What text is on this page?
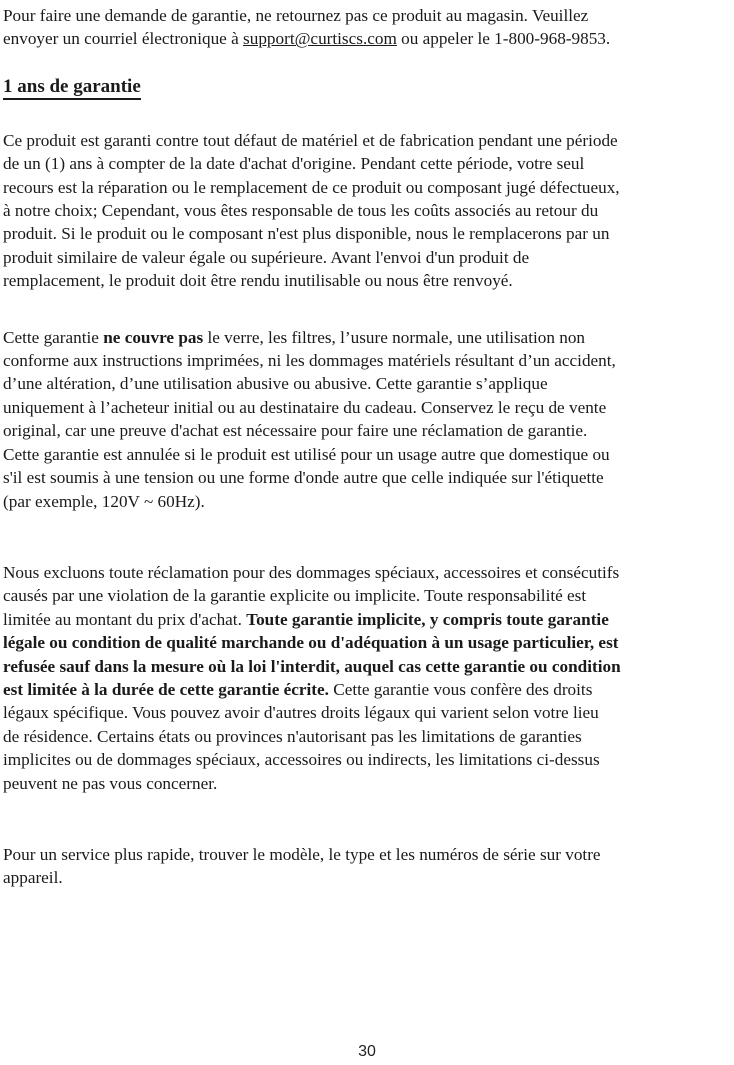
Pour faire une demande de garantie, ne retournez pas ce produit au magasin. Veuillez
envoyer un courriel électronique à support@curtiscs.com ou appeler le 1-800-968-9853.

1 ans de garantie

Ce produit est garanti contre tout défaut de matériel et de fabrication pendant une période
de un (1) ans à compter de la date d'achat d'origine. Pendant cette période, votre seul
recours est la réparation ou le remplacement de ce produit ou composant jugé défectueux,
à notre choix; Cependant, vous êtes responsable de tous les coûts associés au retour du
produit. Si le produit ou le composant n'est plus disponible, nous le remplacerons par un
produit similaire de valeur égale ou supérieure. Avant l'envoi d'un produit de
remplacement, le produit doit être rendu inutilisable ou nous être renvoyé.

Cette garantie ne couvre pas le verre, les filtres, l’usure normale, une utilisation non
conforme aux instructions imprimées, ni les dommages matériels résultant d’un accident,
d’une altération, d’une utilisation abusive ou abusive. Cette garantie s’applique
uniquement à l’acheteur initial ou au destinataire du cadeau. Conservez le reçu de vente
original, car une preuve d'achat est nécessaire pour faire une réclamation de garantie.
Cette garantie est annulée si le produit est utilisé pour un usage autre que domestique ou
s'il est soumis à une tension ou une forme d'onde autre que celle indiquée sur l'étiquette
(par exemple, 120V ~ 60Hz).

Nous excluons toute réclamation pour des dommages spéciaux, accessoires et consécutifs
causés par une violation de la garantie explicite ou implicite. Toute responsabilité est
limitée au montant du prix d'achat. Toute garantie implicite, y compris toute garantie
légale ou condition de qualité marchande ou d'adéquation à un usage particulier, est
refusée sauf dans la mesure où la loi l'interdit, auquel cas cette garantie ou condition
est limitée à la durée de cette garantie écrite. Cette garantie vous confère des droits
légaux spécifique. Vous pouvez avoir d'autres droits légaux qui varient selon votre lieu
de résidence. Certains états ou provinces n'autorisant pas les limitations de garanties
implicites ou de dommages spéciaux, accessoires ou indirects, les limitations ci-dessus
peuvent ne pas vous concerner.

Pour un service plus rapide, trouver le modèle, le type et les numéros de série sur votre
appareil.

30
